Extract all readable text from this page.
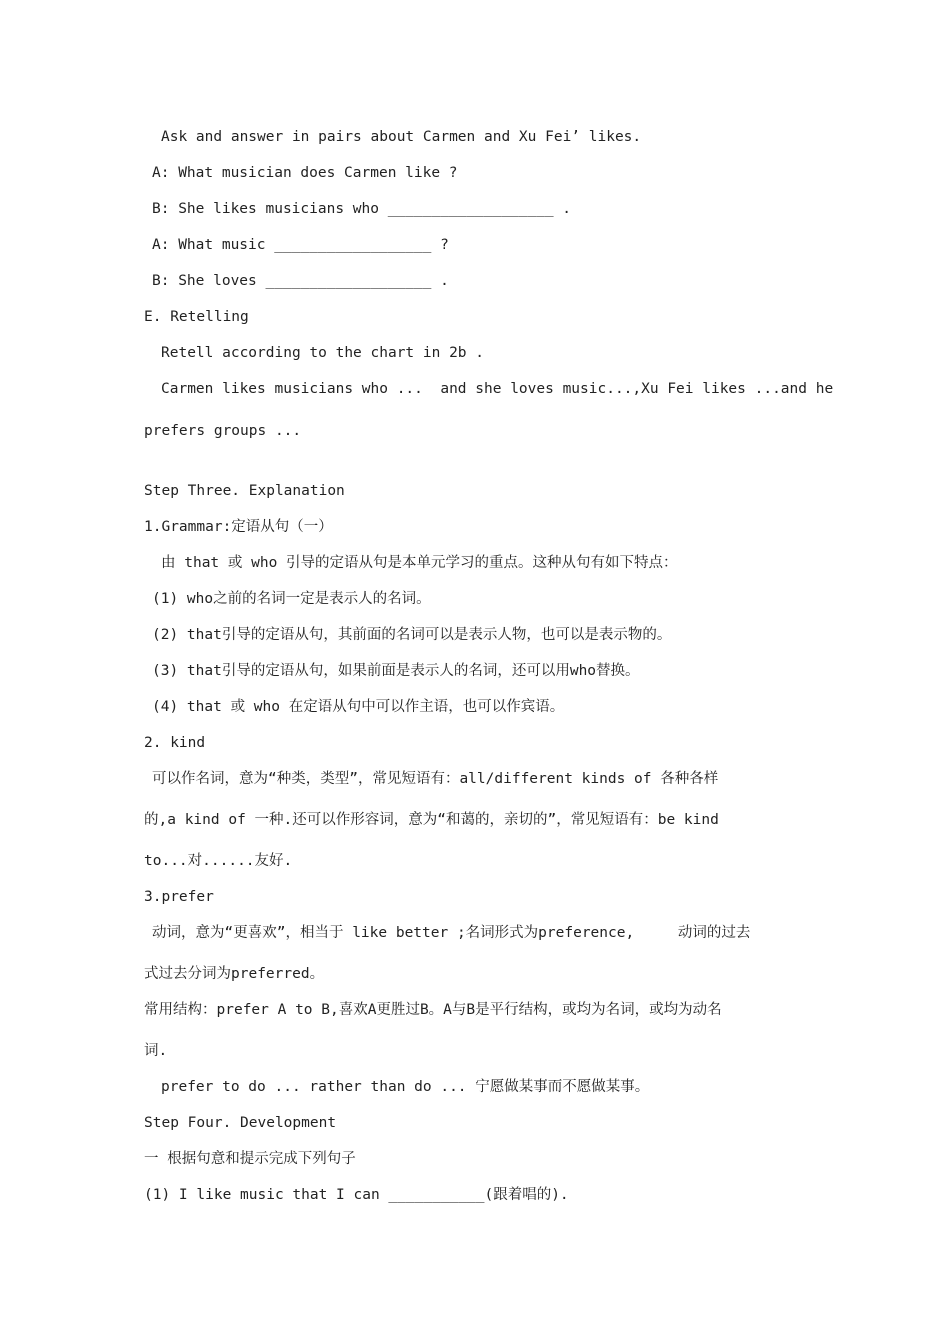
Ask and answer in pairs about Carmen and Xu Fei’ likes.
A: What musician does Carmen like ?
B: She likes musicians who ___________________ .
A: What music __________________ ?
B: She loves ___________________ .
E. Retelling
Retell according to the chart in 2b .
Carmen likes musicians who ...  and she loves music...,Xu Fei likes ...and he
prefers groups ...
Step Three. Explanation
1.Grammar:定语从句（一）
由 that 或 who 引导的定语从句是本单元学习的重点。这种从句有如下特点：
(1) who之前的名词一定是表示人的名词。
(2) that引导的定语从句，其前面的名词可以是表示人物，也可以是表示物的。
(3) that引导的定语从句，如果前面是表示人的名词，还可以用who替换。
(4) that 或 who 在定语从句中可以作主语，也可以作宾语。
2. kind
可以作名词，意为“种类，类型”，常见短语有：all/different kinds of 各种各样
的,a kind of 一种.还可以作形容词，意为“和蔼的，亲切的”，常见短语有：be kind
to...对......友好.
3.prefer
动词，意为“更喜欢”，相当于 like better ;名词形式为preference,     动词的过去
式过去分词为preferred。
常用结构：prefer A to B,喜欢A更胜过B。A与B是平行结构，或均为名词，或均为动名
词.
prefer to do ... rather than do ... 宁愿做某事而不愿做某事。
Step Four. Development
一 根据句意和提示完成下列句子
(1) I like music that I can ___________(跟着唱的).
